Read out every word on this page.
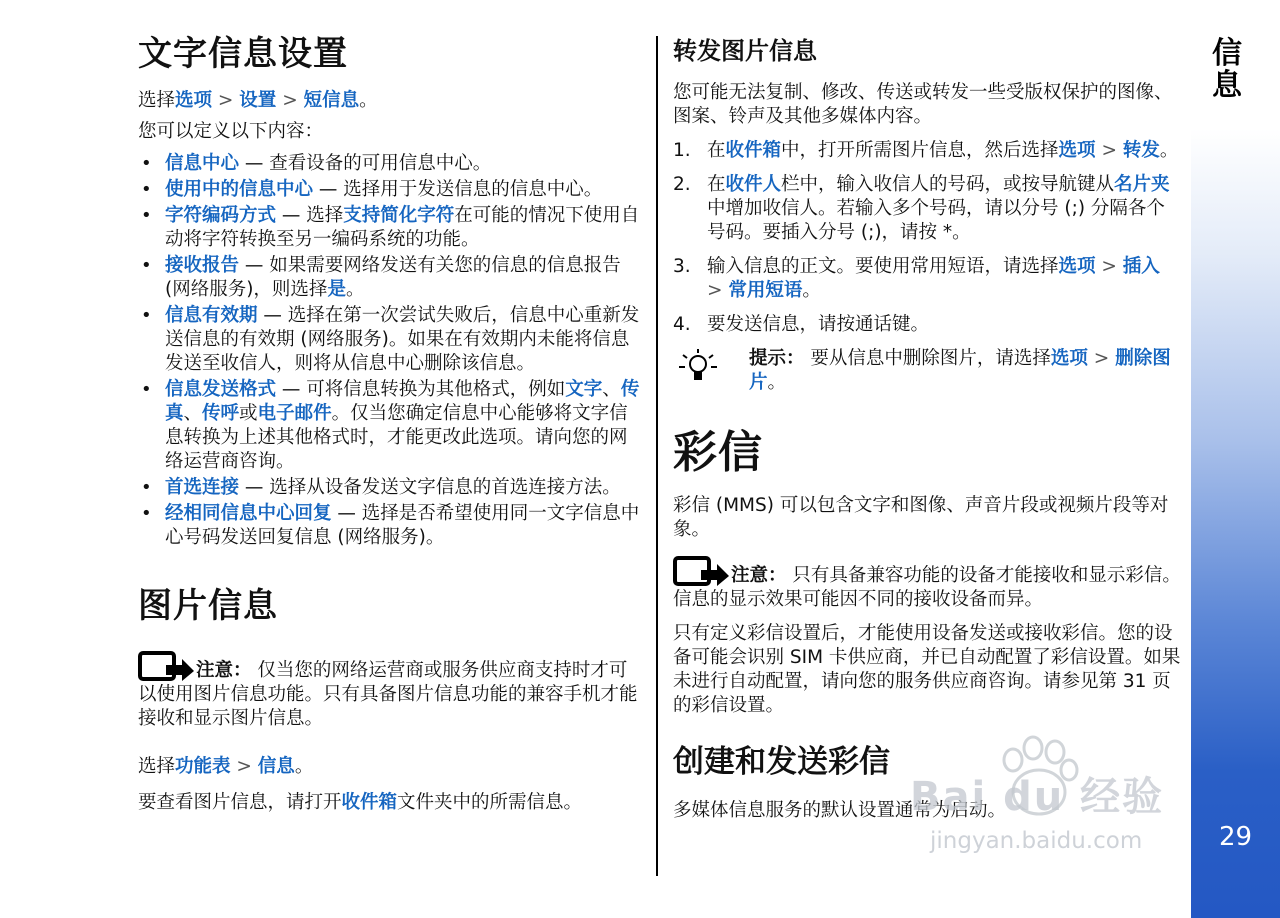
文字信息设置

选择选项 > 设置 > 短信息。

您可以定义以下内容：

• 信息中心 — 查看设备的可用信息中心。
• 使用中的信息中心 — 选择用于发送信息的信息中心。
• 字符编码方式 — 选择支持简化字符在可能的情况下使用自动将字符转换至另一编码系统的功能。
• 接收报告 — 如果需要网络发送有关您的信息的信息报告 (网络服务)，则选择是。
• 信息有效期 — 选择在第一次尝试失败后，信息中心重新发送信息的有效期 (网络服务)。如果在有效期内未能将信息发送至收信人，则将从信息中心删除该信息。
• 信息发送格式 — 可将信息转换为其他格式，例如文字、传真、传呼或电子邮件。仅当您确定信息中心能够将文字信息转换为上述其他格式时，才能更改此选项。请向您的网络运营商咨询。
• 首选连接 — 选择从设备发送文字信息的首选连接方法。
• 经相同信息中心回复 — 选择是否希望使用同一文字信息中心号码发送回复信息 (网络服务)。
图片信息

注意： 仅当您的网络运营商或服务供应商支持时才可以使用图片信息功能。只有具备图片信息功能的兼容手机才能接收和显示图片信息。

选择功能表 > 信息。

要查看图片信息，请打开收件箱文件夹中的所需信息。

转发图片信息

您可能无法复制、修改、传送或转发一些受版权保护的图像、图案、铃声及其他多媒体内容。

1. 在收件箱中，打开所需图片信息，然后选择选项 > 转发。
2. 在收件人栏中，输入收信人的号码，或按导航键从名片夹中增加收信人。若输入多个号码，请以分号 (;) 分隔各个号码。要插入分号 (;)，请按 *。
3. 输入信息的正文。要使用常用短语，请选择选项 > 插入 > 常用短语。
4. 要发送信息，请按通话键。

提示： 要从信息中删除图片，请选择选项 > 删除图片。

彩信

彩信 (MMS) 可以包含文字和图像、声音片段或视频片段等对象。

注意： 只有具备兼容功能的设备才能接收和显示彩信。信息的显示效果可能因不同的接收设备而异。

只有定义彩信设置后，才能使用设备发送或接收彩信。您的设备可能会识别 SIM 卡供应商，并已自动配置了彩信设置。如果未进行自动配置，请向您的服务供应商咨询。请参见第 31 页的彩信设置。

创建和发送彩信

多媒体信息服务的默认设置通常为启动。

信息
29
Bai du 经验
jingyan.baidu.com
